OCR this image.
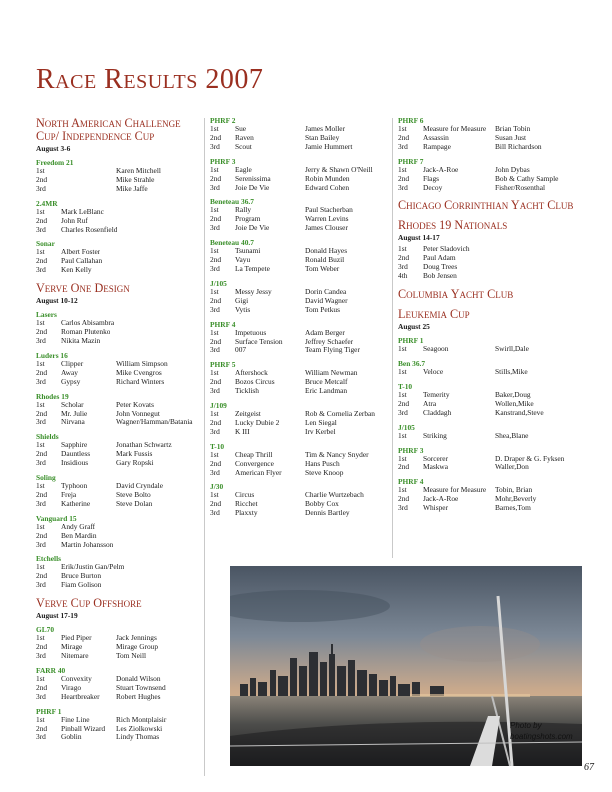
Race Results 2007
North American Challenge Cup/ Independence Cup
August 3-6
Freedom 21
1st	Karen Mitchell
2nd	Mike Strahle
3rd	Mike Jaffe
2.4MR
1st	Mark LeBlanc
2nd	John Ruf
3rd	Charles Rosenfield
Sonar
1st	Albert Foster
2nd	Paul Callahan
3rd	Ken Kelly
Verve One Design
August 10-12
Lasers
1st	Carlos Abisambra
2nd	Roman Plutenko
3rd	Nikita Mazin
Luders 16
1st	Clipper	William Simpson
2nd	Away	Mike Cvengros
3rd	Gypsy	Richard Winters
Rhodes 19
1st	Scholar	Peter Kovats
2nd	Mr. Julie	John Vonnegut
3rd	Nirvana	Wagner/Hamman/Batania
Shields
1st	Sapphire	Jonathan Schwartz
2nd	Dauntless	Mark Fussis
3rd	Insidious	Gary Ropski
Soling
1st	Typhoon	David Cryndale
2nd	Freja	Steve Bolto
3rd	Katherine	Steve Dolan
Vanguard 15
1st	Andy Graff
2nd	Ben Mardin
3rd	Martin Johansson
Etchells
1st	Erik/Justin Gan/Pelm
2nd	Bruce Burton
3rd	Fiam Golison
Verve Cup Offshore
August 17-19
GL70
1st	Pied Piper	Jack Jennings
2nd	Mirage	Mirage Group
3rd	Nitemare	Tom Neill
FARR 40
1st	Convexity	Donald Wilson
2nd	Virago	Stuart Townsend
3rd	Heartbreaker	Robert Hughes
PHRF 1
1st	Fine Line	Rich Montplaisir
2nd	Pinball Wizard	Les Ziolkowski
3rd	Goblin	Lindy Thomas
PHRF 2
1st	Sue	James Moller
2nd	Raven	Stan Bailey
3rd	Scout	Jamie Hummert
PHRF 3
1st	Eagle	Jerry & Shawn O'Neill
2nd	Serenissima	Robin Munden
3rd	Joie De Vie	Edward Cohen
Beneteau 36.7
1st	Rally	Paul Stacherban
2nd	Program	Warren Levins
3rd	Joie De Vie	James Clouser
Beneteau 40.7
1st	Tsunami	Donald Hayes
2nd	Vayu	Ronald Buzil
3rd	La Tempete	Tom Weber
J/105
1st	Messy Jessy	Dorin Candea
2nd	Gigi	David Wagner
3rd	Vytis	Tom Petkus
PHRF 4
1st	Impetuous	Adam Berger
2nd	Surface Tension	Jeffrey Schaefer
3rd	007	Team Flying Tiger
PHRF 5
1st	Aftershock	William Newman
2nd	Bozos Circus	Bruce Metcalf
3rd	Ticklish	Eric Landman
J/109
1st	Zeitgeist	Rob & Cornelia Zerban
2nd	Lucky Dubie 2	Len Siegal
3rd	K III	Irv Kerbel
T-10
1st	Cheap Thrill	Tim & Nancy Snyder
2nd	Convergence	Hans Pusch
3rd	American Flyer	Steve Knoop
J/30
1st	Circus	Charlie Wurtzebach
2nd	Ricchet	Bobby Cox
3rd	Plaxxty	Dennis Bartley
PHRF 6
1st	Measure for Measure	Brian Tobin
2nd	Assassin	Susan Just
3rd	Rampage	Bill Richardson
PHRF 7
1st	Jack-A-Roe	John Dybas
2nd	Flags	Bob & Cathy Sample
3rd	Decoy	Fisher/Rosenthal
Chicago Corrinthian Yacht Club
Rhodes 19 Nationals
August 14-17
1st	Peter Sladovich
2nd	Paul Adam
3rd	Doug Trees
4th	Bob Jensen
Columbia Yacht Club
Leukemia Cup
August 25
PHRF 1
1st	Seagoon	Swirll,Dale
Ben 36.7
1st	Veloce	Stills,Mike
T-10
1st	Temerity	Baker,Doug
2nd	Atra	Wollen,Mike
3rd	Claddagh	Kanstrand,Steve
J/105
1st	Striking	Shea,Blane
PHRF 3
1st	Sorcerer	D. Draper & G. Fyksen
2nd	Maskwa	Waller,Don
PHRF 4
1st	Measure for Measure	Tobin, Brian
2nd	Jack-A-Roe	Mohr,Beverly
3rd	Whisper	Barnes,Tom
Photo by
boatingshots.com
67
